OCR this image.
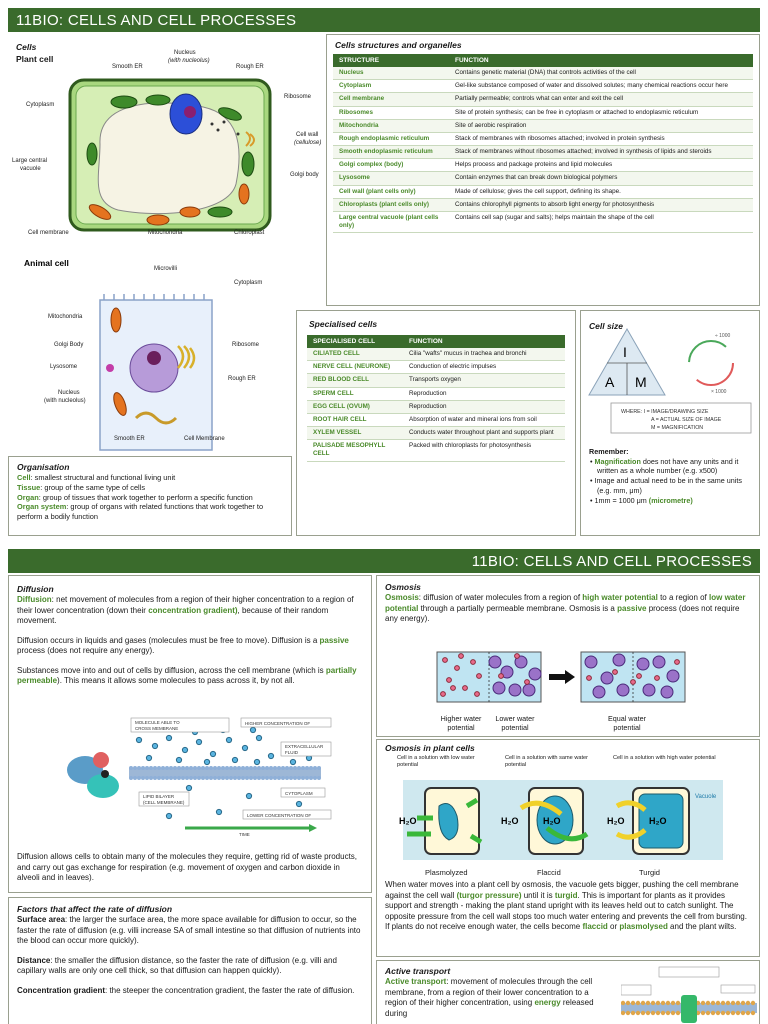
11BIO: CELLS AND CELL PROCESSES
Cells
Plant cell
Smooth ER
Nucleus
(with nucleolus)
Rough ER
Ribosome
Cytoplasm
Cell wall
(cellulose)
Golgi body
Large central
vacuole
Cell membrane	Mitochondria	Chloroplast
Animal cell
Microvilli
Cytoplasm
Mitochondria
Golgi Body	Ribosome
Lysosome
Rough ER
Nucleus
(with nucleolus)
Smooth ER	Cell Membrane
Cells structures and organelles
STRUCTURE	FUNCTION
Nucleus	Contains genetic material (DNA) that controls activities of the cell
Cytoplasm	Gel-like substance composed of water and dissolved solutes; many chemical reactions occur here
Cell membrane	Partially permeable; controls what can enter and exit the cell
Ribosomes	Site of protein synthesis; can be free in cytoplasm or attached to endoplasmic reticulum
Mitochondria	Site of aerobic respiration
Rough endoplasmic reticulum	Stack of membranes with ribosomes attached; involved in protein synthesis
Smooth endoplasmic reticulum	Stack of membranes without ribosomes attached; involved in synthesis of lipids and steroids
Golgi complex (body)	Helps process and package proteins and lipid molecules
Lysosome	Contain enzymes that can break down biological polymers
Cell wall (plant cells only)	Made of cellulose; gives the cell support, defining its shape.
Chloroplasts (plant cells only)	Contains chlorophyll pigments to absorb light energy for photosynthesis
Large central vacuole (plant cells only)	Contains cell sap (sugar and salts); helps maintain the shape of the cell
Specialised cells
SPECIALISED CELL	FUNCTION
CILIATED CELL	Cilia "wafts" mucus in trachea and bronchi
NERVE CELL (NEURONE)	Conduction of electric impulses
RED BLOOD CELL	Transports oxygen
SPERM CELL	Reproduction
EGG CELL (OVUM)	Reproduction
ROOT HAIR CELL	Absorption of water and mineral ions from soil
XYLEM VESSEL	Conducts water throughout plant and supports plant
PALISADE MESOPHYLL CELL	Packed with chloroplasts for photosynthesis
Cell size
I
A M
÷ 1000
× 1000
WHERE: I = IMAGE/DRAWING SIZE
A = ACTUAL SIZE OF IMAGE
M = MAGNIFICATION
Remember:
• Magnification does not have any units and it written as a whole number (e.g. x500)
• Image and actual need to be in the same units (e.g. mm, μm)
• 1mm = 1000 μm (micrometre)
Organisation
Cell: smallest structural and functional living unit
Tissue: group of the same type of cells
Organ: group of tissues that work together to perform a specific function
Organ system: group of organs with related functions that work together to perform a bodily function
11BIO: CELLS AND CELL PROCESSES
Diffusion

Diffusion: net movement of molecules from a region of their higher concentration to a region of their lower concentration (down their concentration gradient), because of their random movement.

Diffusion occurs in liquids and gases (molecules must be free to move). Diffusion is a passive process (does not require any energy).

Substances move into and out of cells by diffusion, across the cell membrane (which is partially permeable). This means it allows some molecules to pass across it, by not all.

MOLECULE ABLE TO
CROSS MEMBRANE
HIGHER CONCENTRATION OF
EXTRACELLULAR
FLUID
LIPID BILAYER
(CELL MEMBRANE)
CYTOPLASM
LOWER CONCENTRATION OF
TIME
Diffusion allows cells to obtain many of the molecules they require, getting rid of waste products, and carry out gas exchange for respiration (e.g. movement of oxygen and carbon dioxide in alveoli and in leaves).
Osmosis
Osmosis: diffusion of water molecules from a region of high water potential to a region of low water potential through a partially permeable membrane. Osmosis is a passive process (does not require any energy).
Higher water potential
Lower water potential
Equal water potential
Osmosis in plant cells
Cell in a solution with low water potential
Cell in a solution with same water potential
Cell in a solution with high water potential
H₂O	H₂O	H₂O	H₂O	H₂O
Vacuole
Plasmolyzed	Flaccid	Turgid
When water moves into a plant cell by osmosis, the vacuole gets bigger, pushing the cell membrane against the cell wall (turgor pressure) until it is turgid. This is important for plants as it provides support and strength - making the plant stand upright with its leaves held out to catch sunlight. The opposite pressure from the cell wall stops too much water entering and prevents the cell from bursting. If plants do not receive enough water, the cells become flaccid or plasmolysed and the plant wilts.
Factors that affect the rate of diffusion

Surface area: the larger the surface area, the more space available for diffusion to occur, so the faster the rate of diffusion (e.g. villi increase SA of small intestine so that diffusion of nutrients into the blood can occur more quickly).

Distance: the smaller the diffusion distance, so the faster the rate of diffusion (e.g. villi and capillary walls are only one cell thick, so that diffusion can happen quickly).

Concentration gradient: the steeper the concentration gradient, the faster the rate of diffusion.

Active transport
Active transport: movement of molecules through the cell membrane, from a region of their lower concentration to a region of their higher concentration, using energy released during
